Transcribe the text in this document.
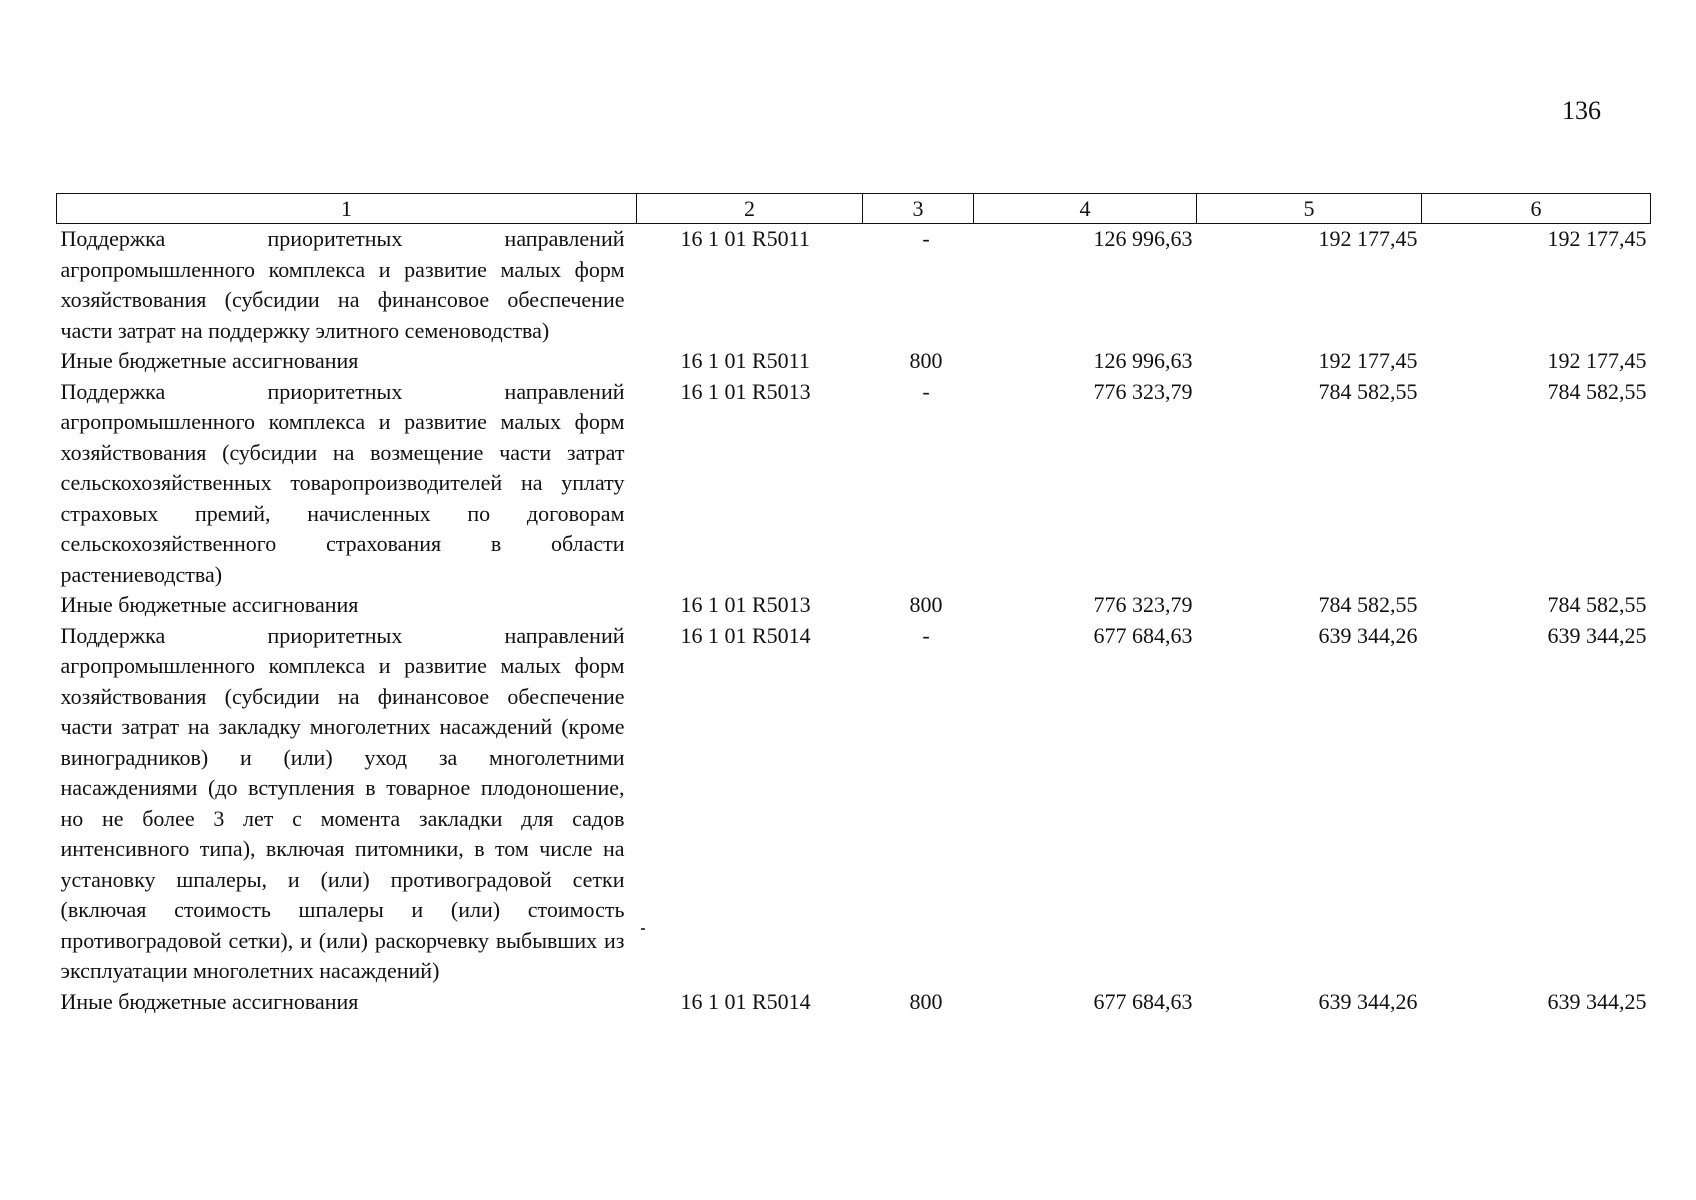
136
1	2	3	4	5	6
Поддержка приоритетных направлений агропромышленного комплекса и развитие малых форм хозяйствования (субсидии на финансовое обеспечение части затрат на поддержку элитного семеноводства)	16 1 01 R5011	-	126 996,63	192 177,45	192 177,45
Иные бюджетные ассигнования	16 1 01 R5011	800	126 996,63	192 177,45	192 177,45
Поддержка приоритетных направлений агропромышленного комплекса и развитие малых форм хозяйствования (субсидии на возмещение части затрат сельскохозяйственных товаропроизводителей на уплату страховых премий, начисленных по договорам сельскохозяйственного страхования в области растениеводства)	16 1 01 R5013	-	776 323,79	784 582,55	784 582,55
Иные бюджетные ассигнования	16 1 01 R5013	800	776 323,79	784 582,55	784 582,55
Поддержка приоритетных направлений агропромышленного комплекса и развитие малых форм хозяйствования (субсидии на финансовое обеспечение части затрат на закладку многолетних насаждений (кроме виноградников) и (или) уход за многолетними насаждениями (до вступления в товарное плодоношение, но не более 3 лет с момента закладки для садов интенсивного типа), включая питомники, в том числе на установку шпалеры, и (или) противоградовой сетки (включая стоимость шпалеры и (или) стоимость противоградовой сетки), и (или) раскорчевку выбывших из эксплуатации многолетних насаждений)	16 1 01 R5014	-	677 684,63	639 344,26	639 344,25
Иные бюджетные ассигнования	16 1 01 R5014	800	677 684,63	639 344,26	639 344,25
